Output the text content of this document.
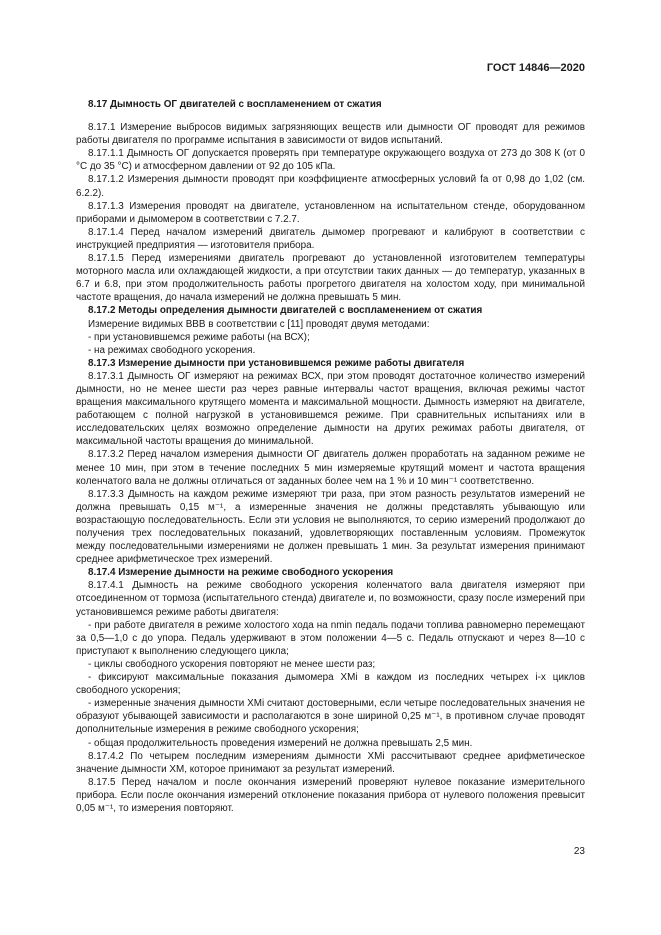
ГОСТ 14846—2020

8.17 Дымность ОГ двигателей с воспламенением от сжатия

8.17.1 Измерение выбросов видимых загрязняющих веществ или дымности ОГ проводят для режимов работы двигателя по программе испытания в зависимости от видов испытаний.

8.17.1.1 Дымность ОГ допускается проверять при температуре окружающего воздуха от 273 до 308 К (от 0 °С до 35 °С) и атмосферном давлении от 92 до 105 кПа.

8.17.1.2 Измерения дымности проводят при коэффициенте атмосферных условий fa от 0,98 до 1,02 (см. 6.2.2).

8.17.1.3 Измерения проводят на двигателе, установленном на испытательном стенде, оборудованном приборами и дымомером в соответствии с 7.2.7.

8.17.1.4 Перед началом измерений двигатель дымомер прогревают и калибруют в соответствии с инструкцией предприятия — изготовителя прибора.

8.17.1.5 Перед измерениями двигатель прогревают до установленной изготовителем температуры моторного масла или охлаждающей жидкости, а при отсутствии таких данных — до температур, указанных в 6.7 и 6.8, при этом продолжительность работы прогретого двигателя на холостом ходу, при минимальной частоте вращения, до начала измерений не должна превышать 5 мин.

8.17.2 Методы определения дымности двигателей с воспламенением от сжатия

Измерение видимых ВВВ в соответствии с [11] проводят двумя методами:

- при установившемся режиме работы (на ВСХ);

- на режимах свободного ускорения.

8.17.3 Измерение дымности при установившемся режиме работы двигателя

8.17.3.1 Дымность ОГ измеряют на режимах ВСХ, при этом проводят достаточное количество измерений дымности, но не менее шести раз через равные интервалы частот вращения, включая режимы частот вращения максимального крутящего момента и максимальной мощности. Дымность измеряют на двигателе, работающем с полной нагрузкой в установившемся режиме. При сравнительных испытаниях или в исследовательских целях возможно определение дымности на других режимах работы двигателя, от максимальной частоты вращения до минимальной.

8.17.3.2 Перед началом измерения дымности ОГ двигатель должен проработать на заданном режиме не менее 10 мин, при этом в течение последних 5 мин измеряемые крутящий момент и частота вращения коленчатого вала не должны отличаться от заданных более чем на 1 % и 10 мин⁻¹ соответственно.

8.17.3.3 Дымность на каждом режиме измеряют три раза, при этом разность результатов измерений не должна превышать 0,15 м⁻¹, а измеренные значения не должны представлять убывающую или возрастающую последовательность. Если эти условия не выполняются, то серию измерений продолжают до получения трех последовательных показаний, удовлетворяющих поставленным условиям. Промежуток между последовательными измерениями не должен превышать 1 мин. За результат измерения принимают среднее арифметическое трех измерений.

8.17.4 Измерение дымности на режиме свободного ускорения

8.17.4.1 Дымность на режиме свободного ускорения коленчатого вала двигателя измеряют при отсоединенном от тормоза (испытательного стенда) двигателе и, по возможности, сразу после измерений при установившемся режиме работы двигателя:

- при работе двигателя в режиме холостого хода на nmin педаль подачи топлива равномерно перемещают за 0,5—1,0 с до упора. Педаль удерживают в этом положении 4—5 с. Педаль отпускают и через 8—10 с приступают к выполнению следующего цикла;

- циклы свободного ускорения повторяют не менее шести раз;

- фиксируют максимальные показания дымомера XMi в каждом из последних четырех i-х циклов свободного ускорения;

- измеренные значения дымности XMi считают достоверными, если четыре последовательных значения не образуют убывающей зависимости и располагаются в зоне шириной 0,25 м⁻¹, в противном случае проводят дополнительные измерения в режиме свободного ускорения;

- общая продолжительность проведения измерений не должна превышать 2,5 мин.

8.17.4.2 По четырем последним измерениям дымности XMi рассчитывают среднее арифметическое значение дымности XM, которое принимают за результат измерений.

8.17.5 Перед началом и после окончания измерений проверяют нулевое показание измерительного прибора. Если после окончания измерений отклонение показания прибора от нулевого положения превысит 0,05 м⁻¹, то измерения повторяют.

23
